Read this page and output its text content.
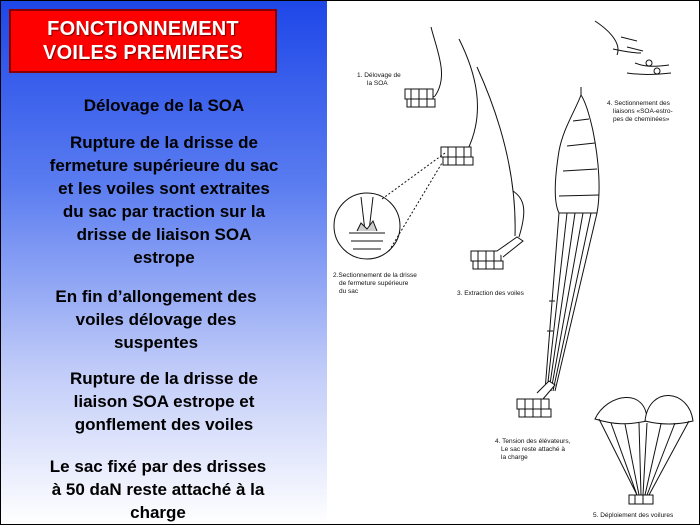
FONCTIONNEMENT
VOILES PREMIERES
Délovage de la SOA
Rupture de la drisse de
fermeture supérieure du sac
et les voiles sont extraites
du sac par traction sur la
drisse de liaison SOA
estrope
En fin d’allongement des
voiles délovage des
suspentes
Rupture de la drisse de
liaison SOA estrope et
gonflement des voiles
Le sac fixé par des drisses
à 50 daN reste attaché à la
charge
1. Délovage de la SOA
2.Sectionnement de la drisse de fermeture supérieure du sac	3. Extraction des voiles
4. Sectionnement des liaisons «SOA-estro- pes de cheminées»
4. Tension des élévateurs, Le sac reste attaché à la charge
5. Déploiement des voilures
